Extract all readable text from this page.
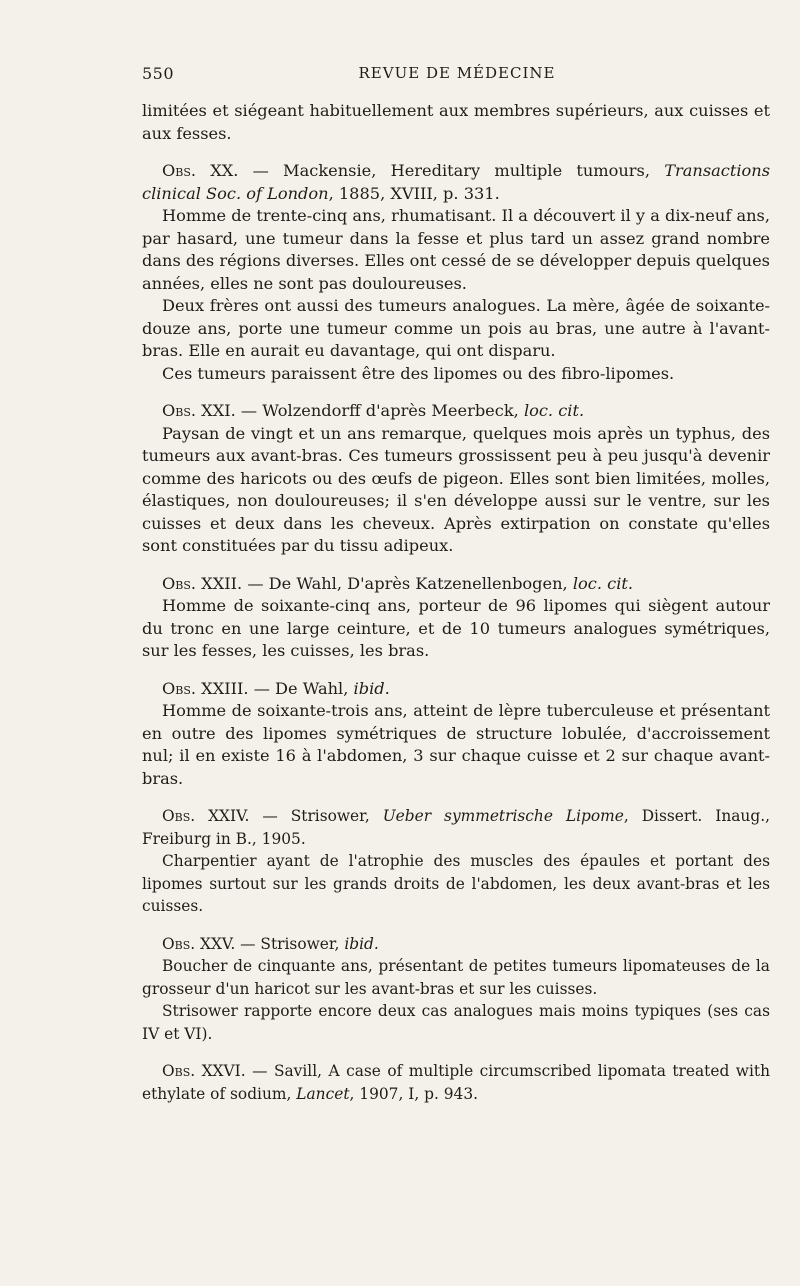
550	REVUE DE MÉDECINE

limitées et siégeant habituellement aux membres supérieurs, aux cuisses et aux fesses.

Obs. XX. — Mackensie, Hereditary multiple tumours, Transactions clinical Soc. of London, 1885, XVIII, p. 331.

Homme de trente-cinq ans, rhumatisant. Il a découvert il y a dix-neuf ans, par hasard, une tumeur dans la fesse et plus tard un assez grand nombre dans des régions diverses. Elles ont cessé de se développer depuis quelques années, elles ne sont pas douloureuses.

Deux frères ont aussi des tumeurs analogues. La mère, âgée de soixante-douze ans, porte une tumeur comme un pois au bras, une autre à l'avant-bras. Elle en aurait eu davantage, qui ont disparu.

Ces tumeurs paraissent être des lipomes ou des fibro-lipomes.

Obs. XXI. — Wolzendorff d'après Meerbeck, loc. cit.

Paysan de vingt et un ans remarque, quelques mois après un typhus, des tumeurs aux avant-bras. Ces tumeurs grossissent peu à peu jusqu'à devenir comme des haricots ou des œufs de pigeon. Elles sont bien limitées, molles, élastiques, non douloureuses; il s'en développe aussi sur le ventre, sur les cuisses et deux dans les cheveux. Après extirpation on constate qu'elles sont constituées par du tissu adipeux.

Obs. XXII. — De Wahl, D'après Katzenellenbogen, loc. cit.

Homme de soixante-cinq ans, porteur de 96 lipomes qui siègent autour du tronc en une large ceinture, et de 10 tumeurs analogues symétriques, sur les fesses, les cuisses, les bras.

Obs. XXIII. — De Wahl, ibid.

Homme de soixante-trois ans, atteint de lèpre tuberculeuse et présentant en outre des lipomes symétriques de structure lobulée, d'accroissement nul; il en existe 16 à l'abdomen, 3 sur chaque cuisse et 2 sur chaque avant-bras.

Obs. XXIV. — Strisower, Ueber symmetrische Lipome, Dissert. Inaug., Freiburg in B., 1905.

Charpentier ayant de l'atrophie des muscles des épaules et portant des lipomes surtout sur les grands droits de l'abdomen, les deux avant-bras et les cuisses.

Obs. XXV. — Strisower, ibid.

Boucher de cinquante ans, présentant de petites tumeurs lipomateuses de la grosseur d'un haricot sur les avant-bras et sur les cuisses.

Strisower rapporte encore deux cas analogues mais moins typiques (ses cas IV et VI).

Obs. XXVI. — Savill, A case of multiple circumscribed lipomata treated with ethylate of sodium, Lancet, 1907, I, p. 943.
